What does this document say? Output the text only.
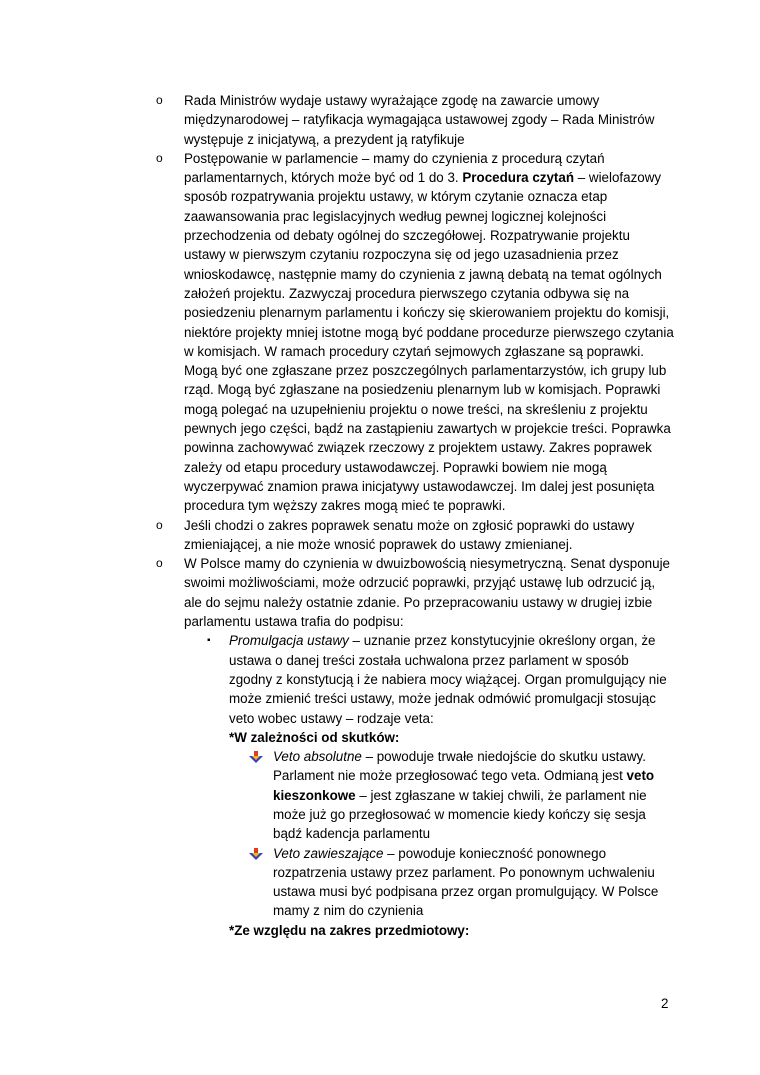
o Rada Ministrów wydaje ustawy wyrażające zgodę na zawarcie umowy międzynarodowej – ratyfikacja wymagająca ustawowej zgody – Rada Ministrów występuje z inicjatywą, a prezydent ją ratyfikuje

o Postępowanie w parlamencie – mamy do czynienia z procedurą czytań parlamentarnych, których może być od 1 do 3. Procedura czytań – wielofazowy sposób rozpatrywania projektu ustawy, w którym czytanie oznacza etap zaawansowania prac legislacyjnych według pewnej logicznej kolejności przechodzenia od debaty ogólnej do szczegółowej. Rozpatrywanie projektu ustawy w pierwszym czytaniu rozpoczyna się od jego uzasadnienia przez wnioskodawcę, następnie mamy do czynienia z jawną debatą na temat ogólnych założeń projektu. Zazwyczaj procedura pierwszego czytania odbywa się na posiedzeniu plenarnym parlamentu i kończy się skierowaniem projektu do komisji, niektóre projekty mniej istotne mogą być poddane procedurze pierwszego czytania w komisjach. W ramach procedury czytań sejmowych zgłaszane są poprawki. Mogą być one zgłaszane przez poszczególnych parlamentarzystów, ich grupy lub rząd. Mogą być zgłaszane na posiedzeniu plenarnym lub w komisjach. Poprawki mogą polegać na uzupełnieniu projektu o nowe treści, na skreśleniu z projektu pewnych jego części, bądź na zastąpieniu zawartych w projekcie treści. Poprawka powinna zachowywać związek rzeczowy z projektem ustawy. Zakres poprawek zależy od etapu procedury ustawodawczej. Poprawki bowiem nie mogą wyczerpywać znamion prawa inicjatywy ustawodawczej. Im dalej jest posunięta procedura tym węższy zakres mogą mieć te poprawki.

o Jeśli chodzi o zakres poprawek senatu może on zgłosić poprawki do ustawy zmieniającej, a nie może wnosić poprawek do ustawy zmienianej.

o W Polsce mamy do czynienia w dwuizbowością niesymetryczną. Senat dysponuje swoimi możliwościami, może odrzucić poprawki, przyjąć ustawę lub odrzucić ją, ale do sejmu należy ostatnie zdanie. Po przepracowaniu ustawy w drugiej izbie parlamentu ustawa trafia do podpisu:

▪ Promulgacja ustawy – uznanie przez konstytucyjnie określony organ, że ustawa o danej treści została uchwalona przez parlament w sposób zgodny z konstytucją i że nabiera mocy wiążącej. Organ promulgujący nie może zmienić treści ustawy, może jednak odmówić promulgacji stosując veto wobec ustawy – rodzaje veta:

*W zależności od skutków:

Veto absolutne – powoduje trwałe niedojście do skutku ustawy. Parlament nie może przegłosować tego veta. Odmianą jest veto kieszonkowe – jest zgłaszane w takiej chwili, że parlament nie może już go przegłosować w momencie kiedy kończy się sesja bądź kadencja parlamentu

Veto zawieszające – powoduje konieczność ponownego rozpatrzenia ustawy przez parlament. Po ponownym uchwaleniu ustawa musi być podpisana przez organ promulgujący. W Polsce mamy z nim do czynienia

*Ze względu na zakres przedmiotowy:

2
